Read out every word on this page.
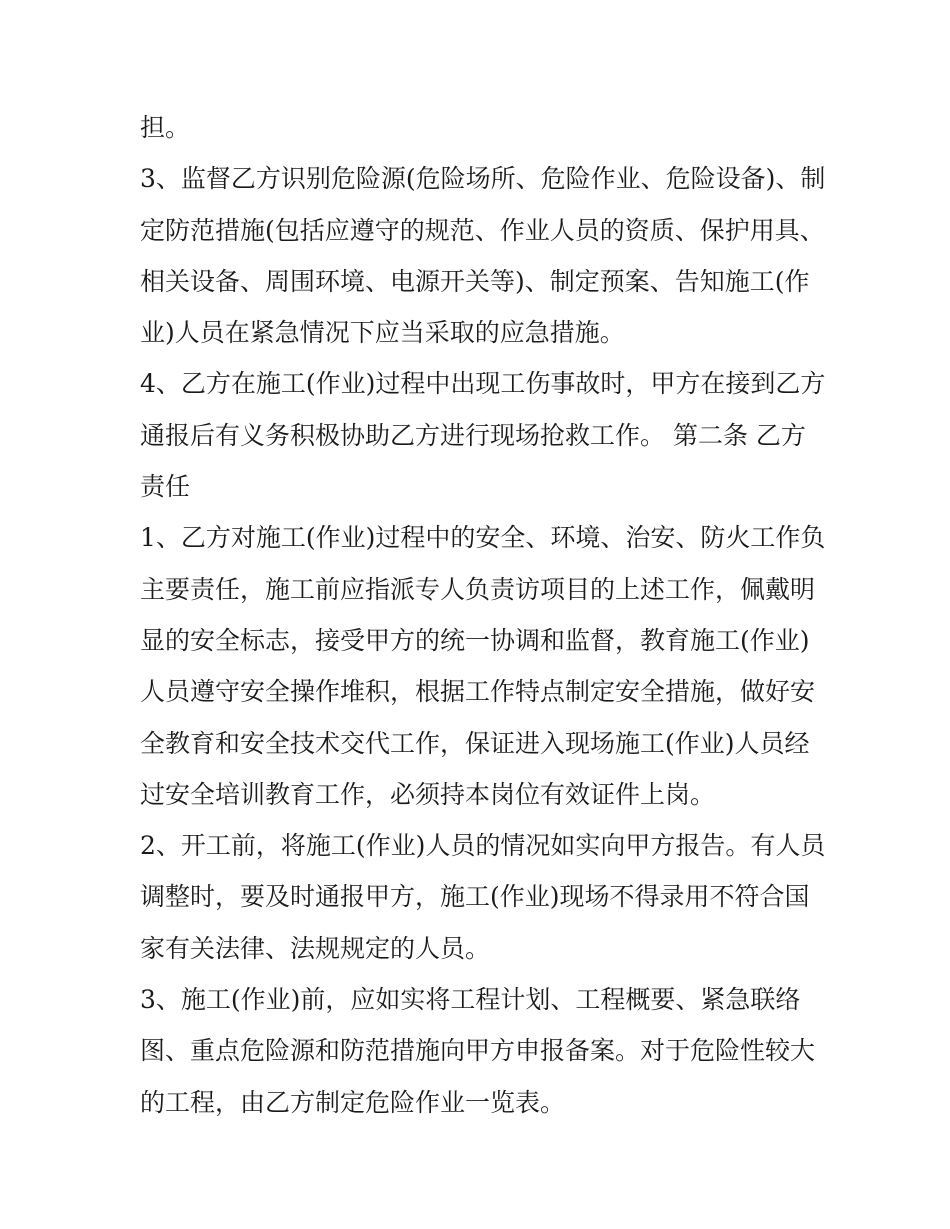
担。

3、监督乙方识别危险源(危险场所、危险作业、危险设备)、制定防范措施(包括应遵守的规范、作业人员的资质、保护用具、相关设备、周围环境、电源开关等)、制定预案、告知施工(作业)人员在紧急情况下应当采取的应急措施。

4、乙方在施工(作业)过程中出现工伤事故时，甲方在接到乙方通报后有义务积极协助乙方进行现场抢救工作。 第二条 乙方责任

1、乙方对施工(作业)过程中的安全、环境、治安、防火工作负主要责任，施工前应指派专人负责访项目的上述工作，佩戴明显的安全标志，接受甲方的统一协调和监督，教育施工(作业)人员遵守安全操作堆积，根据工作特点制定安全措施，做好安全教育和安全技术交代工作，保证进入现场施工(作业)人员经过安全培训教育工作，必须持本岗位有效证件上岗。

2、开工前，将施工(作业)人员的情况如实向甲方报告。有人员调整时，要及时通报甲方，施工(作业)现场不得录用不符合国家有关法律、法规规定的人员。

3、施工(作业)前，应如实将工程计划、工程概要、紧急联络图、重点危险源和防范措施向甲方申报备案。对于危险性较大的工程，由乙方制定危险作业一览表。
